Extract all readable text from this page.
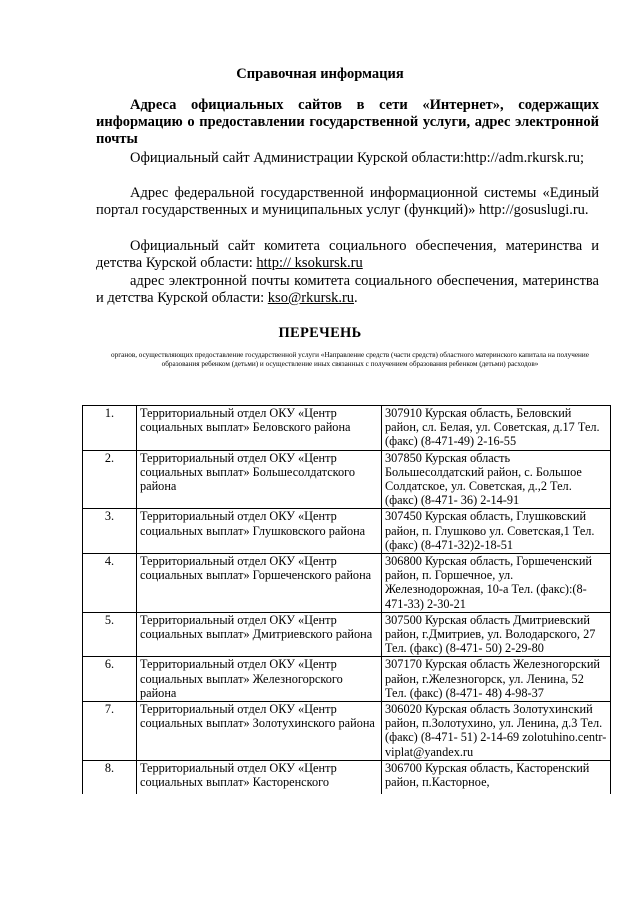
Справочная информация
Адреса официальных сайтов в сети «Интернет», содержащих информацию о предоставлении государственной услуги, адрес электронной почты
Официальный сайт Администрации Курской области:http://adm.rkursk.ru;
Адрес федеральной государственной информационной системы «Единый портал государственных и муниципальных услуг (функций)» http://gosuslugi.ru.
Официальный сайт комитета социального обеспечения, материнства и детства Курской области: http:// ksokursk.ru
адрес электронной почты комитета социального обеспечения, материнства и детства Курской области: kso@rkursk.ru.
ПЕРЕЧЕНЬ
органов, осуществляющих предоставление государственной услуги «Направление средств (части средств) областного материнского капитала на получение образования ребенком (детьми) и осуществление иных связанных с получением образования ребенком (детьми) расходов»
1.	Территориальный отдел ОКУ «Центр социальных выплат» Беловского района	307910 Курская область, Беловский район, сл. Белая, ул. Советская, д.17 Тел. (факс) (8-471-49) 2-16-55
2.	Территориальный отдел ОКУ «Центр социальных выплат» Большесолдатского района	307850 Курская область Большесолдатский район, с. Большое Солдатское, ул. Советская, д.,2 Тел. (факс) (8-471- 36) 2-14-91
3.	Территориальный отдел ОКУ «Центр социальных выплат» Глушковского района	307450 Курская область, Глушковский район, п. Глушково ул. Советская,1 Тел. (факс) (8-471-32)2-18-51
4.	Территориальный отдел ОКУ «Центр социальных выплат» Горшеченского района	306800 Курская область, Горшеченский район, п. Горшечное, ул. Железнодорожная, 10-а Тел. (факс):(8-471-33) 2-30-21
5.	Территориальный отдел ОКУ «Центр социальных выплат» Дмитриевского района	307500 Курская область Дмитриевский район, г.Дмитриев, ул. Володарского, 27 Тел. (факс) (8-471- 50) 2-29-80
6.	Территориальный отдел ОКУ «Центр социальных выплат» Железногорского района	307170 Курская область Железногорский район, г.Железногорск, ул. Ленина, 52 Тел. (факс) (8-471- 48) 4-98-37
7.	Территориальный отдел ОКУ «Центр социальных выплат» Золотухинского района	306020 Курская область Золотухинский район, п.Золотухино, ул. Ленина, д.3 Тел. (факс) (8-471- 51) 2-14-69 zolotuhino.centr-viplat@yandex.ru
8.	Территориальный отдел ОКУ «Центр социальных выплат» Касторенского	306700 Курская область, Касторенский район, п.Касторное,
